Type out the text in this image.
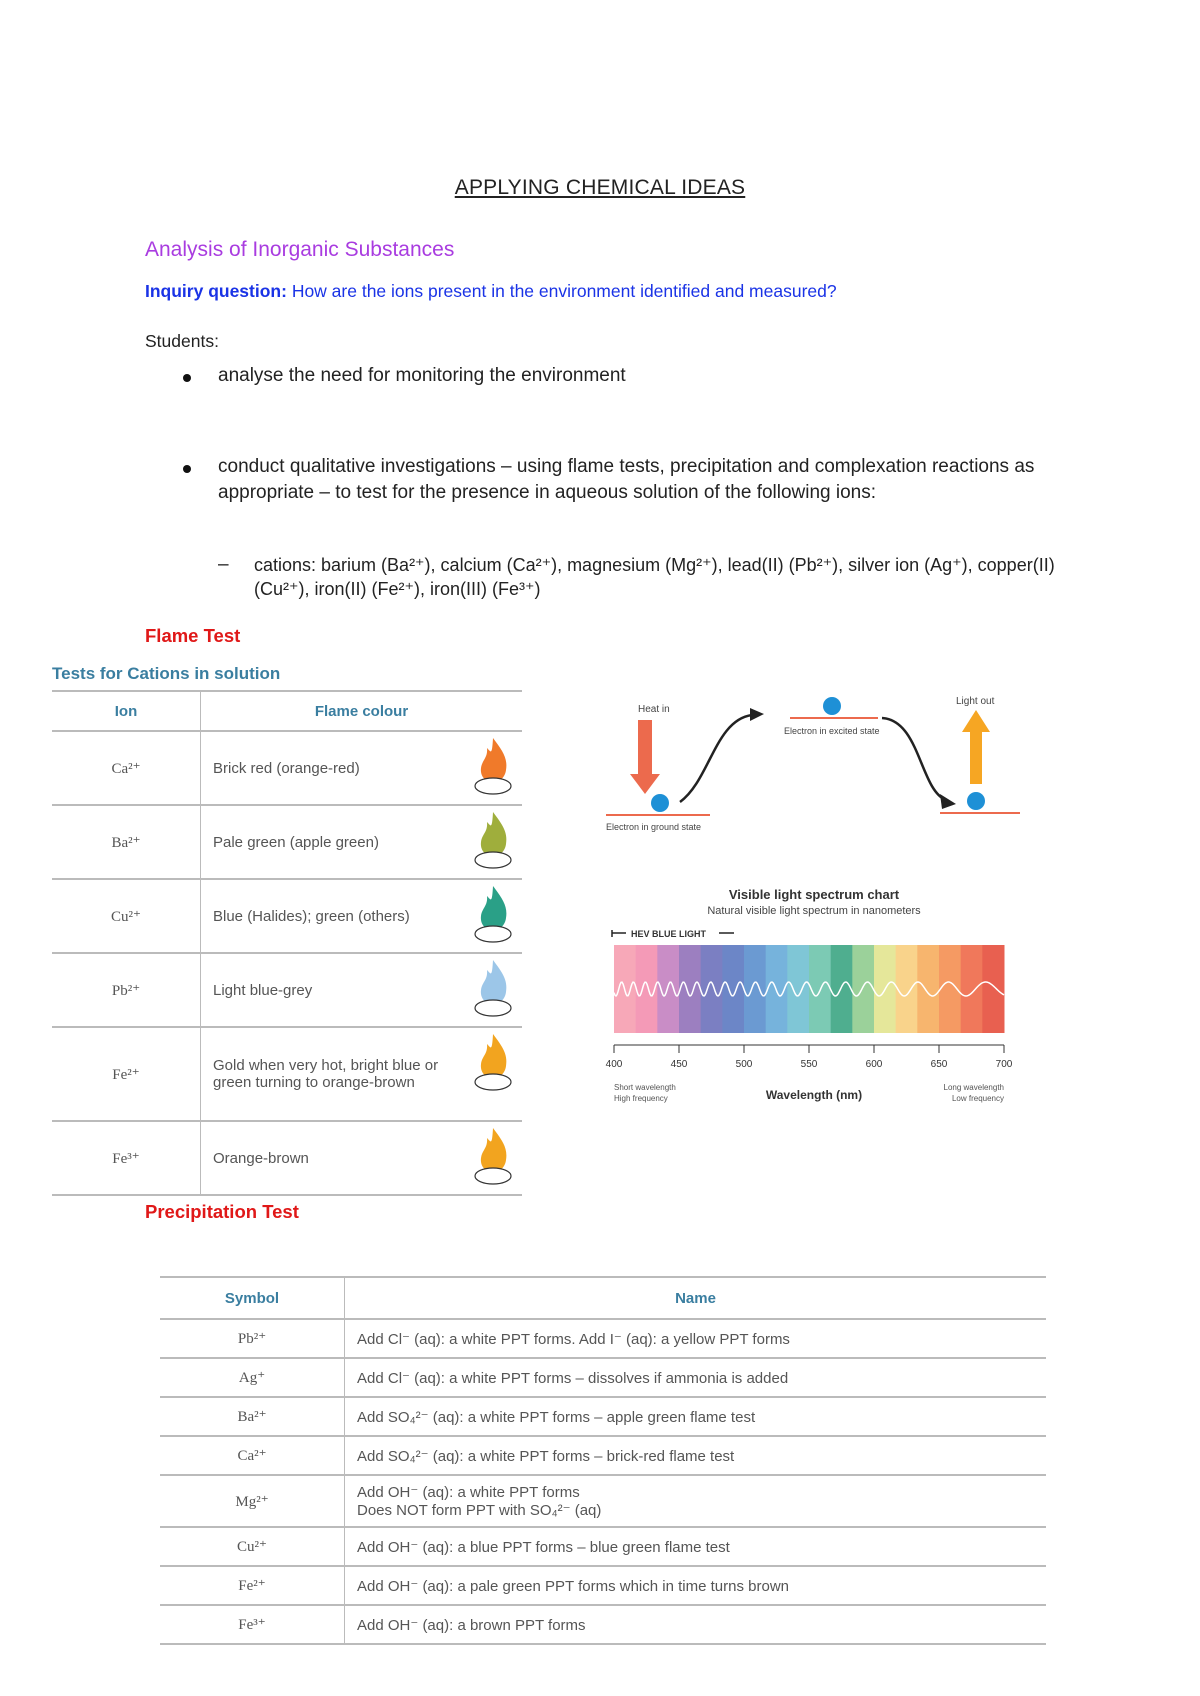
APPLYING CHEMICAL IDEAS
Analysis of Inorganic Substances
Inquiry question: How are the ions present in the environment identified and measured?
Students:
analyse the need for monitoring the environment
conduct qualitative investigations – using flame tests, precipitation and complexation reactions as appropriate – to test for the presence in aqueous solution of the following ions:
– cations: barium (Ba²⁺), calcium (Ca²⁺), magnesium (Mg²⁺), lead(II) (Pb²⁺), silver ion (Ag⁺), copper(II) (Cu²⁺), iron(II) (Fe²⁺), iron(III) (Fe³⁺)
Flame Test
Tests for Cations in solution
Ion	Flame colour
Ca²⁺	Brick red (orange-red)

Ba²⁺	Pale green (apple green)

Cu²⁺	Blue (Halides); green (others)

Pb²⁺	Light blue-grey

Fe²⁺	Gold when very hot, bright blue or green turning to orange-brown

Fe³⁺	Orange-brown
Heat in
Electron in ground state
Electron in excited state
Light out
Visible light spectrum chart
Natural visible light spectrum in nanometers
HEV BLUE LIGHT
400	450	500	550	600	650	700
Short wavelength
High frequency	Wavelength (nm)
Long wavelength
Low frequency
Precipitation Test
Symbol	Name
Pb²⁺	Add Cl⁻ (aq): a white PPT forms. Add I⁻ (aq): a yellow PPT forms
Ag⁺	Add Cl⁻ (aq): a white PPT forms – dissolves if ammonia is added
Ba²⁺	Add SO₄²⁻ (aq): a white PPT forms – apple green flame test
Ca²⁺	Add SO₄²⁻ (aq): a white PPT forms – brick-red flame test
Mg²⁺	Add OH⁻ (aq): a white PPT forms
Does NOT form PPT with SO₄²⁻ (aq)
Cu²⁺	Add OH⁻ (aq): a blue PPT forms – blue green flame test
Fe²⁺	Add OH⁻ (aq): a pale green PPT forms which in time turns brown
Fe³⁺	Add OH⁻ (aq): a brown PPT forms
